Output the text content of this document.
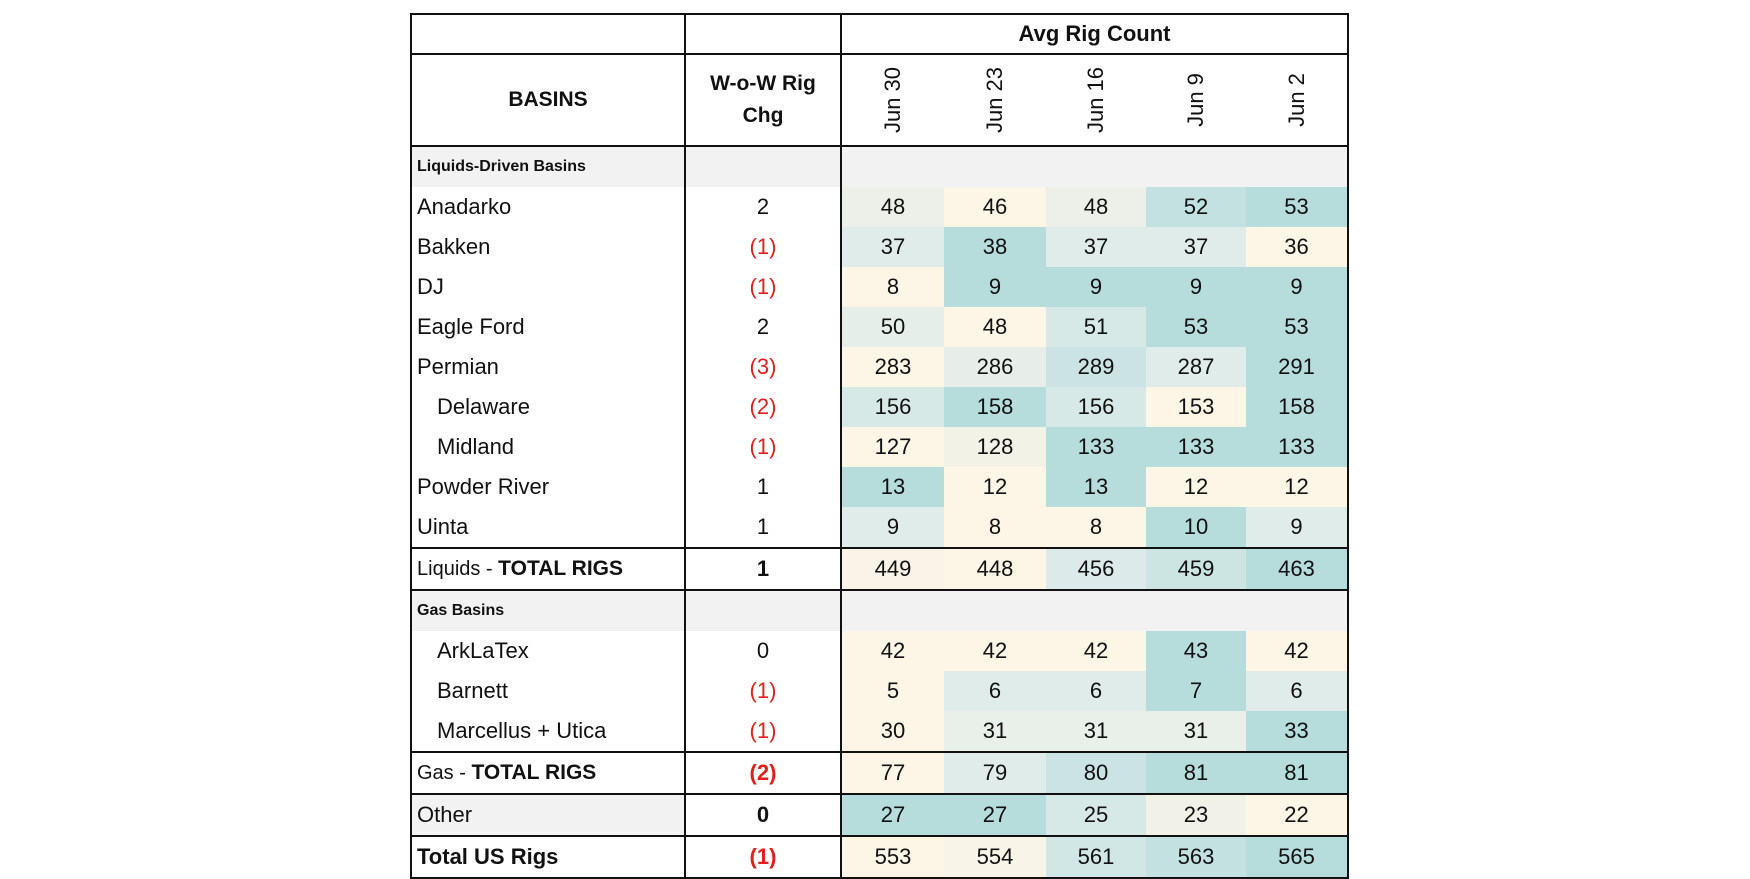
		Avg Rig Count				
BASINS	W-o-W Rig Chg	Jun 30	Jun 23	Jun 16	Jun 9	Jun 2
Liquids-Driven Basins						
Anadarko	2	48	46	48	52	53
Bakken	(1)	37	38	37	37	36
DJ	(1)	8	9	9	9	9
Eagle Ford	2	50	48	51	53	53
Permian	(3)	283	286	289	287	291
Delaware	(2)	156	158	156	153	158
Midland	(1)	127	128	133	133	133
Powder River	1	13	12	13	12	12
Uinta	1	9	8	8	10	9
Liquids - TOTAL RIGS	1	449	448	456	459	463
Gas Basins						
ArkLaTex	0	42	42	42	43	42
Barnett	(1)	5	6	6	7	6
Marcellus + Utica	(1)	30	31	31	31	33
Gas - TOTAL RIGS	(2)	77	79	80	81	81
Other	0	27	27	25	23	22
Total US Rigs	(1)	553	554	561	563	565
